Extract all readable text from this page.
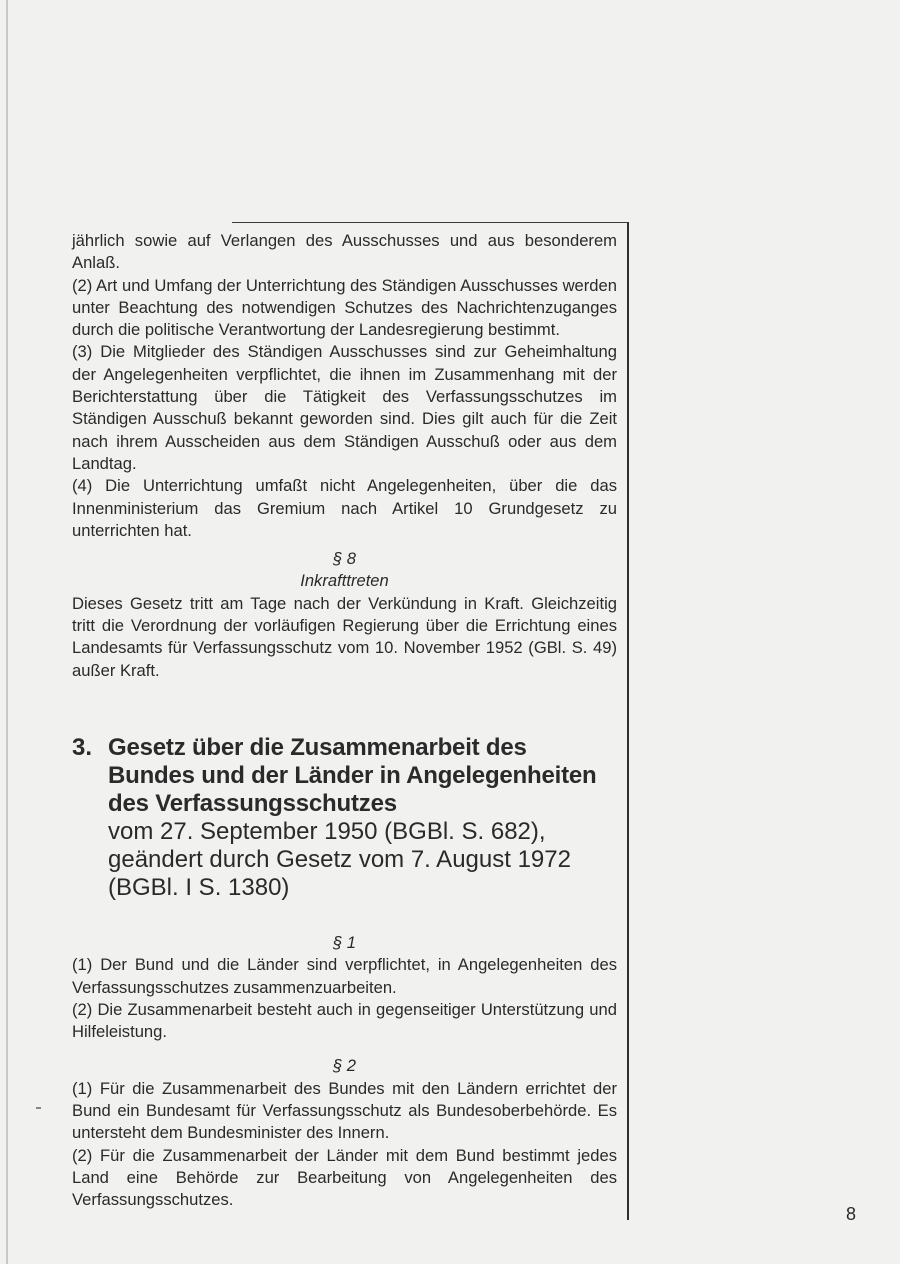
jährlich sowie auf Verlangen des Ausschusses und aus besonderem Anlaß.

(2) Art und Umfang der Unterrichtung des Ständigen Ausschusses werden unter Beachtung des notwendigen Schutzes des Nachrichtenzuganges durch die politische Verantwortung der Landesregierung bestimmt.

(3) Die Mitglieder des Ständigen Ausschusses sind zur Geheimhaltung der Angelegenheiten verpflichtet, die ihnen im Zusammenhang mit der Berichterstattung über die Tätigkeit des Verfassungsschutzes im Ständigen Ausschuß bekannt geworden sind. Dies gilt auch für die Zeit nach ihrem Ausscheiden aus dem Ständigen Ausschuß oder aus dem Landtag.

(4) Die Unterrichtung umfaßt nicht Angelegenheiten, über die das Innenministerium das Gremium nach Artikel 10 Grundgesetz zu unterrichten hat.

§ 8

Inkrafttreten

Dieses Gesetz tritt am Tage nach der Verkündung in Kraft. Gleichzeitig tritt die Verordnung der vorläufigen Regierung über die Errichtung eines Landesamts für Verfassungsschutz vom 10. November 1952 (GBl. S. 49) außer Kraft.

3. Gesetz über die Zusammenarbeit des Bundes und der Länder in Angelegenheiten des Verfassungsschutzes

vom 27. September 1950 (BGBl. S. 682), geändert durch Gesetz vom 7. August 1972 (BGBl. I S. 1380)

§ 1

(1) Der Bund und die Länder sind verpflichtet, in Angelegenheiten des Verfassungsschutzes zusammenzuarbeiten.

(2) Die Zusammenarbeit besteht auch in gegenseitiger Unterstützung und Hilfeleistung.

§ 2

(1) Für die Zusammenarbeit des Bundes mit den Ländern errichtet der Bund ein Bundesamt für Verfassungsschutz als Bundesoberbehörde. Es untersteht dem Bundesminister des Innern.

(2) Für die Zusammenarbeit der Länder mit dem Bund bestimmt jedes Land eine Behörde zur Bearbeitung von Angelegenheiten des Verfassungsschutzes.

8
